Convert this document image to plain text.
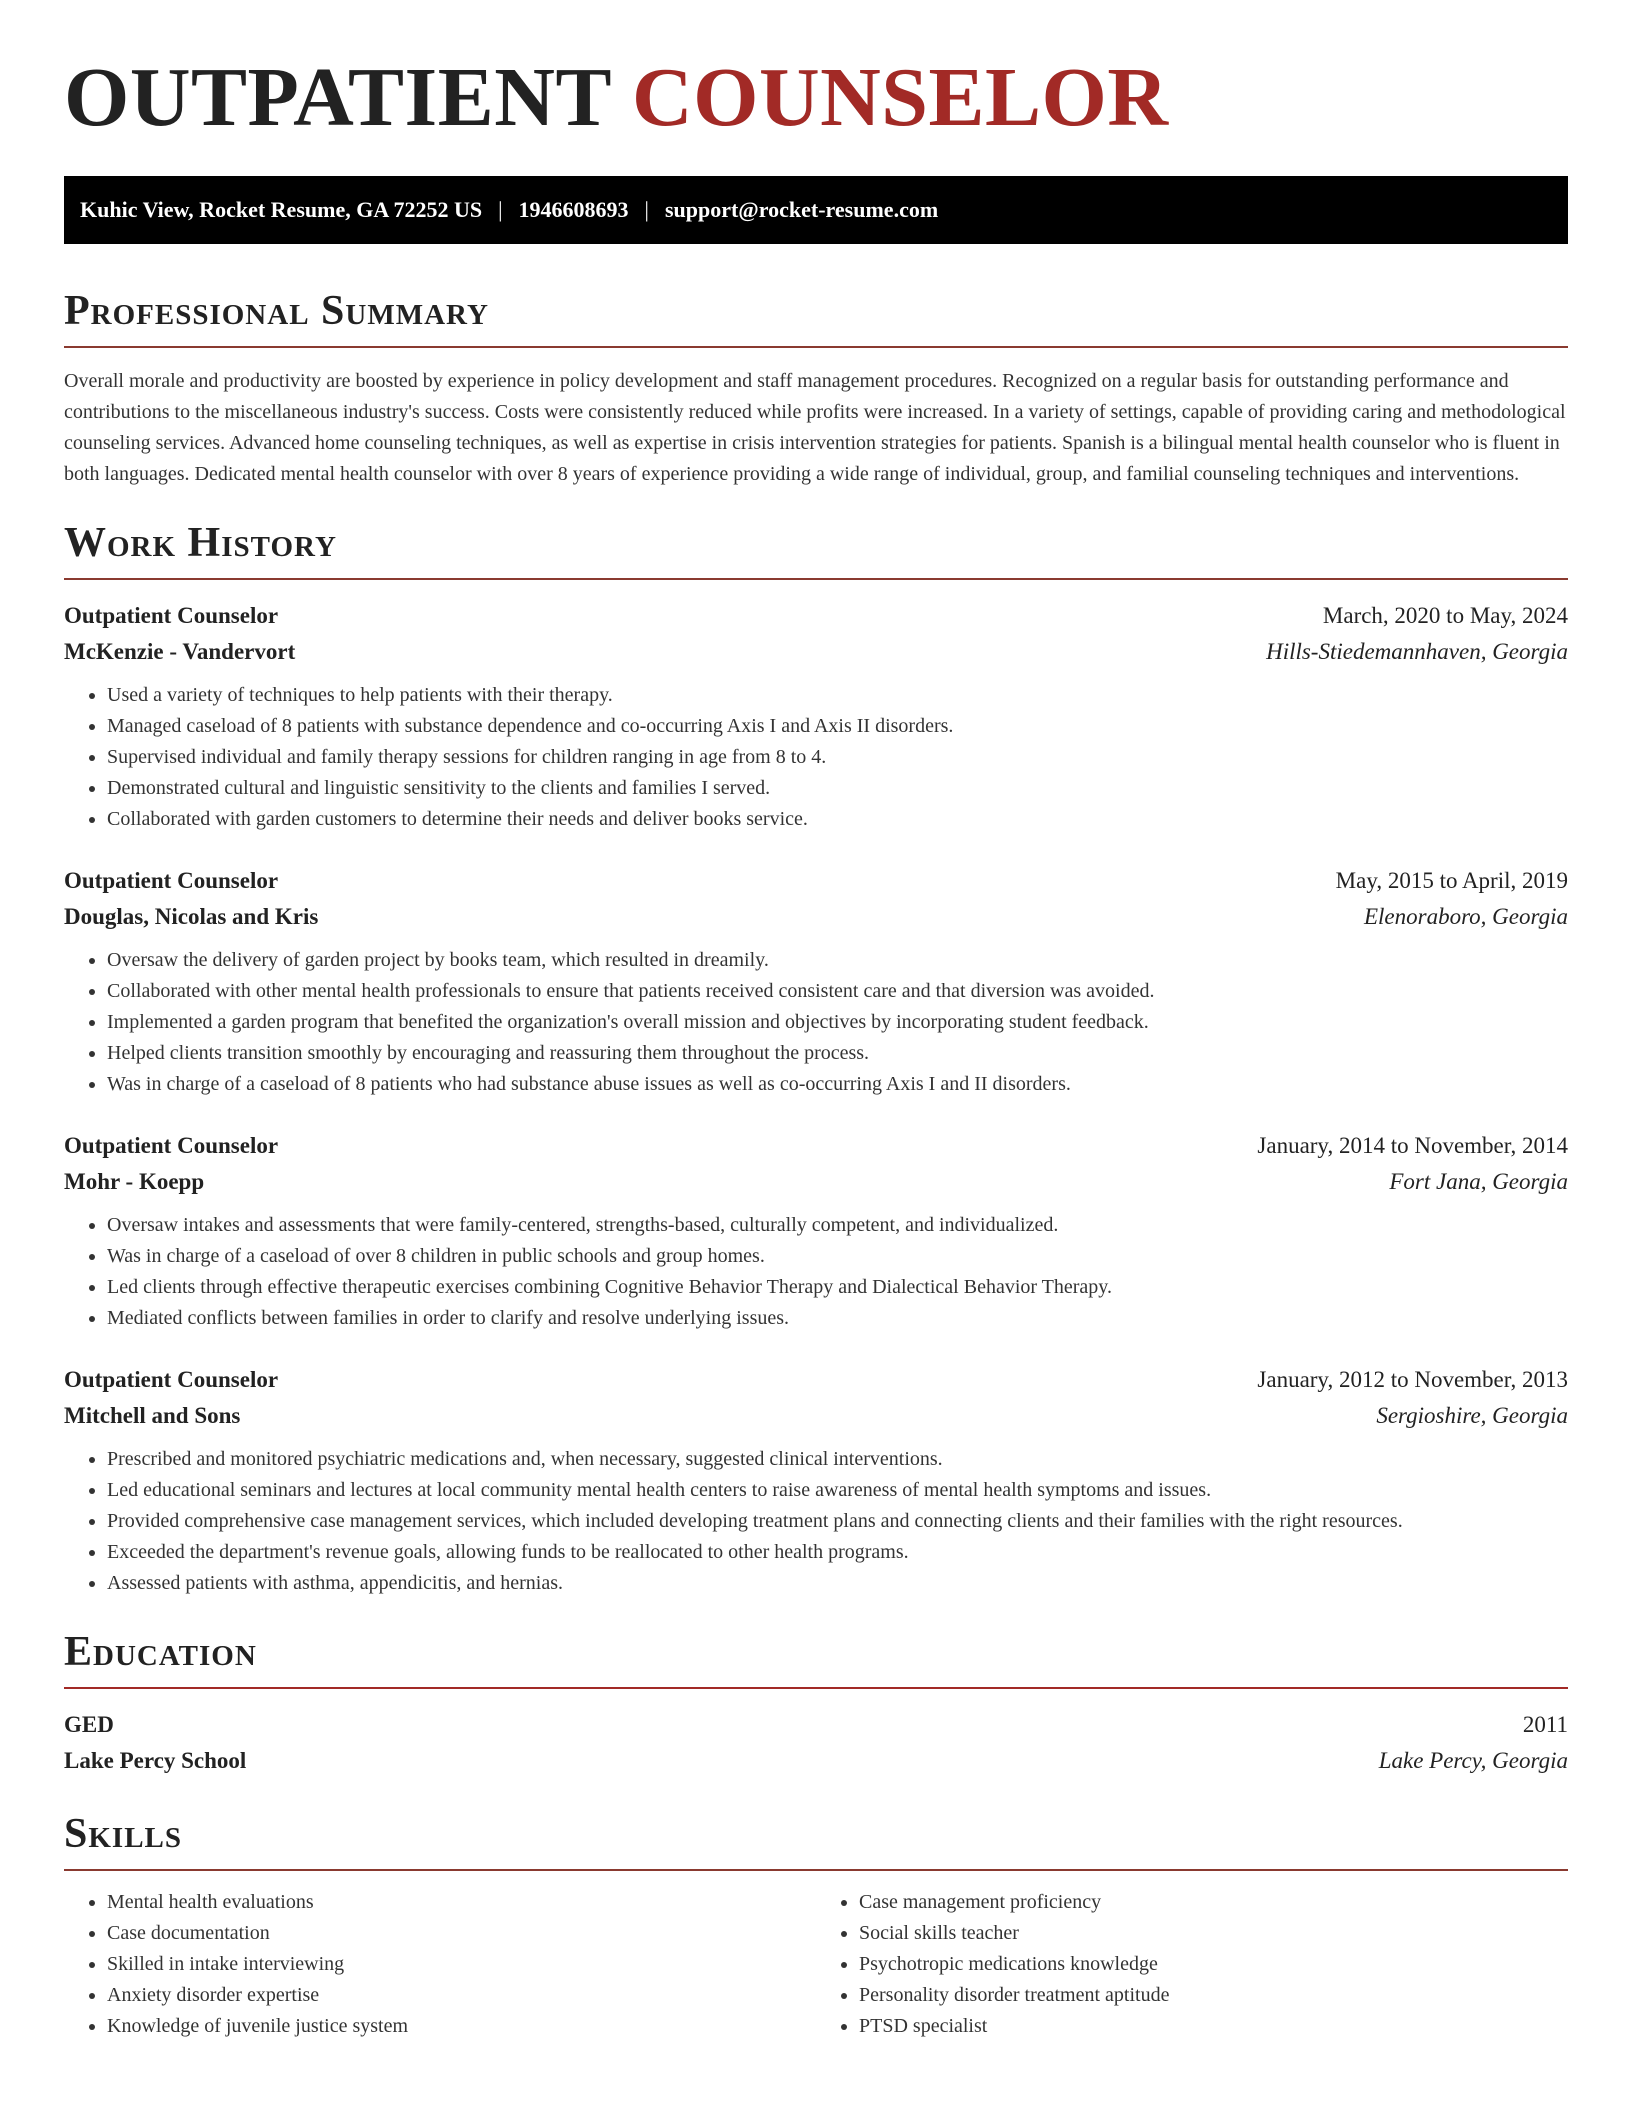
OUTPATIENT COUNSELOR
Kuhic View, Rocket Resume, GA 72252 US | 1946608693 | support@rocket-resume.com
Professional Summary

Overall morale and productivity are boosted by experience in policy development and staff management procedures. Recognized on a regular basis for outstanding performance and contributions to the miscellaneous industry's success. Costs were consistently reduced while profits were increased. In a variety of settings, capable of providing caring and methodological counseling services. Advanced home counseling techniques, as well as expertise in crisis intervention strategies for patients. Spanish is a bilingual mental health counselor who is fluent in both languages. Dedicated mental health counselor with over 8 years of experience providing a wide range of individual, group, and familial counseling techniques and interventions.

Work History
Outpatient Counselor	March, 2020 to May, 2024
McKenzie - Vandervort	Hills-Stiedemannhaven, Georgia
• Used a variety of techniques to help patients with their therapy.
• Managed caseload of 8 patients with substance dependence and co-occurring Axis I and Axis II disorders.
• Supervised individual and family therapy sessions for children ranging in age from 8 to 4.
• Demonstrated cultural and linguistic sensitivity to the clients and families I served.
• Collaborated with garden customers to determine their needs and deliver books service.
Outpatient Counselor	May, 2015 to April, 2019
Douglas, Nicolas and Kris	Elenoraboro, Georgia
• Oversaw the delivery of garden project by books team, which resulted in dreamily.
• Collaborated with other mental health professionals to ensure that patients received consistent care and that diversion was avoided.
• Implemented a garden program that benefited the organization's overall mission and objectives by incorporating student feedback.
• Helped clients transition smoothly by encouraging and reassuring them throughout the process.
• Was in charge of a caseload of 8 patients who had substance abuse issues as well as co-occurring Axis I and II disorders.
Outpatient Counselor	January, 2014 to November, 2014
Mohr - Koepp	Fort Jana, Georgia
• Oversaw intakes and assessments that were family-centered, strengths-based, culturally competent, and individualized.
• Was in charge of a caseload of over 8 children in public schools and group homes.
• Led clients through effective therapeutic exercises combining Cognitive Behavior Therapy and Dialectical Behavior Therapy.
• Mediated conflicts between families in order to clarify and resolve underlying issues.
Outpatient Counselor	January, 2012 to November, 2013
Mitchell and Sons	Sergioshire, Georgia
• Prescribed and monitored psychiatric medications and, when necessary, suggested clinical interventions.
• Led educational seminars and lectures at local community mental health centers to raise awareness of mental health symptoms and issues.
• Provided comprehensive case management services, which included developing treatment plans and connecting clients and their families with the right resources.
• Exceeded the department's revenue goals, allowing funds to be reallocated to other health programs.
• Assessed patients with asthma, appendicitis, and hernias.
Education
GED	2011
Lake Percy School	Lake Percy, Georgia
Skills
• Mental health evaluations
• Case documentation
• Skilled in intake interviewing
• Anxiety disorder expertise
• Knowledge of juvenile justice system
• Case management proficiency
• Social skills teacher
• Psychotropic medications knowledge
• Personality disorder treatment aptitude
• PTSD specialist
